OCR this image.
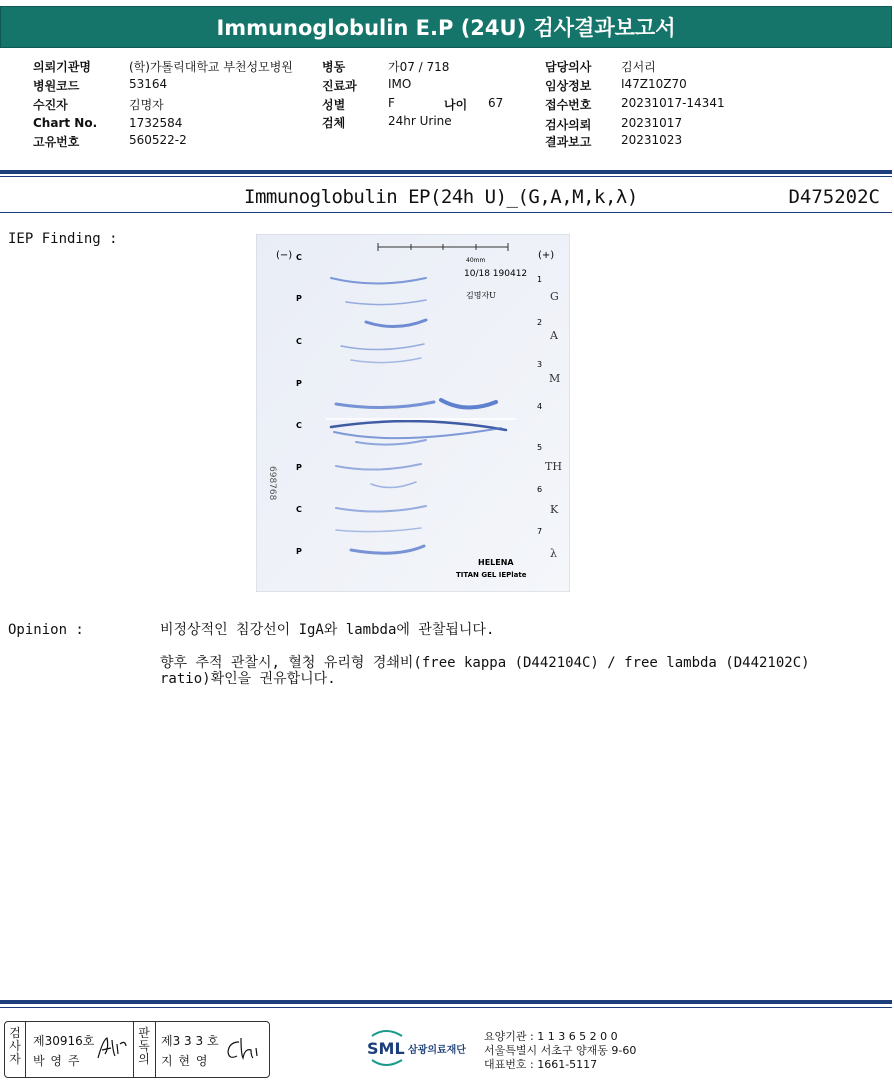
Immunoglobulin E.P (24U) 검사결과보고서
의뢰기관명	(학)가톨릭대학교 부천성모병원
병원코드	53164
수진자	김명자
Chart No.	1732584
고유번호	560522-2
병동	가07 / 718
진료과	IMO
성별	F	나이 67
검체	24hr Urine
담당의사 김서리
임상정보 I47Z10Z70
접수번호 20231017-14341
검사의뢰 20231017
결과보고 20231023
Immunoglobulin EP(24h U)_(G,A,M,k,λ)	D475202C
IEP Finding :
40mm
(−)	(+)
10/18 190412
김명자U
C
P
C
P
C
P
C
P
1
2
3
4
5
6
7
G
A
M
TH
K
λ
698768
HELENA
TITAN GEL IEPlate
Opinion :	비정상적인 침강선이 IgA와 lambda에 관찰됩니다.
향후 추적 관찰시, 혈청 유리형 경쇄비(free kappa (D442104C) / free lambda (D442102C) ratio)확인을 권유합니다.
검사자
제30916호
박 영 주
판독의
제3 3 3 호
지 현 영
SML 삼광의료재단
요양기관 : 1 1 3 6 5 2 0 0
서울특별시 서초구 양재동 9-60
대표번호 : 1661-5117
